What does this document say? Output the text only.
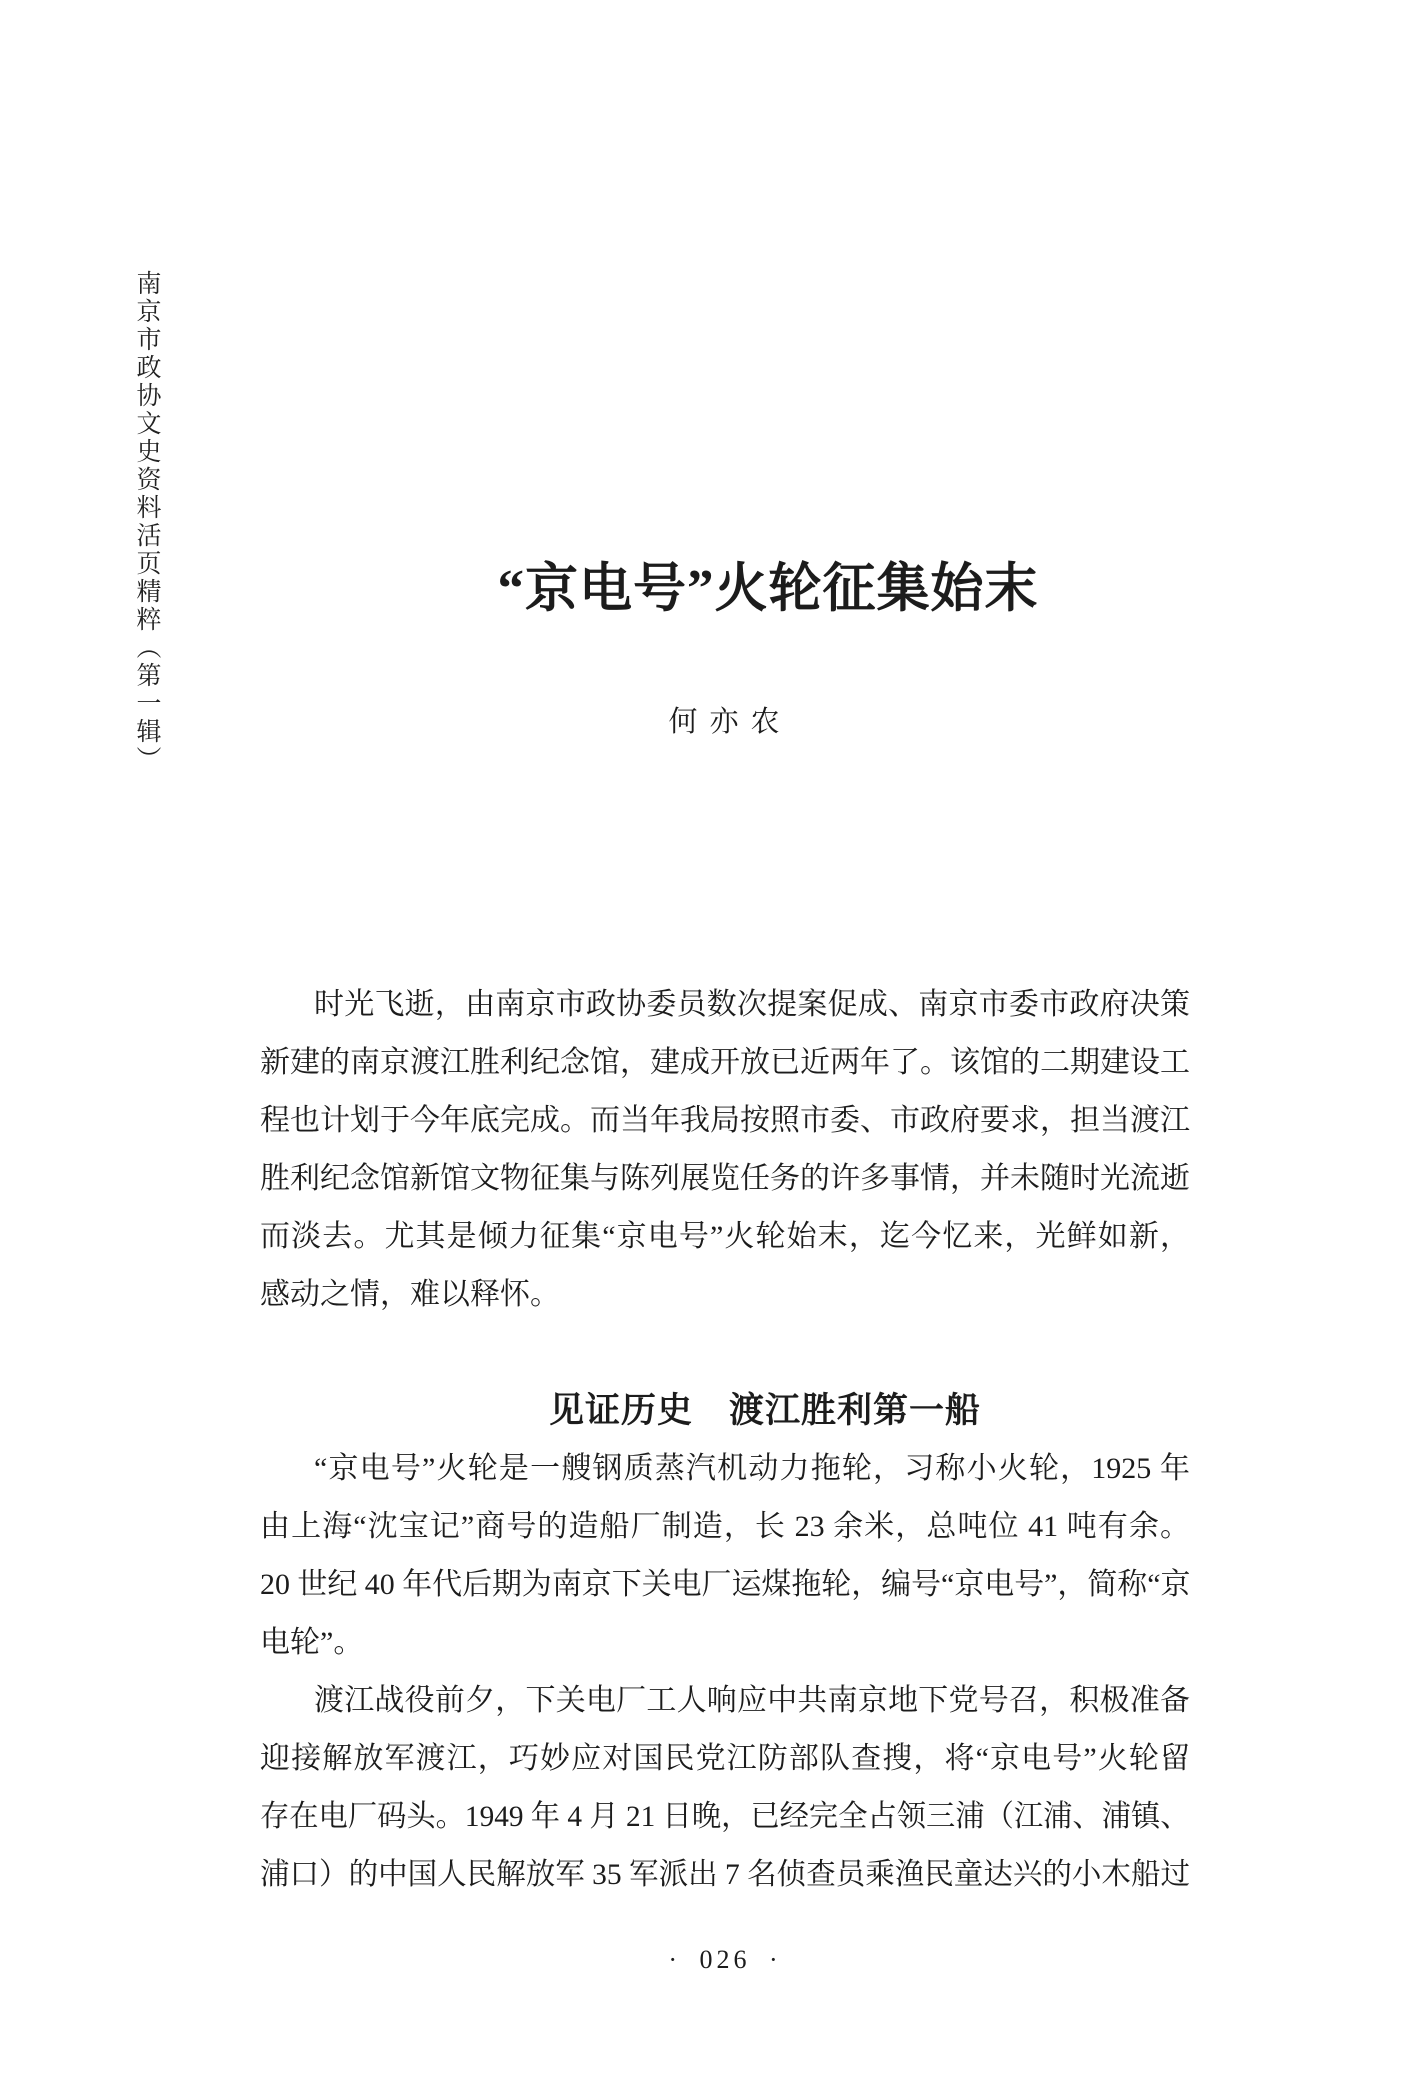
南京市政协文史资料活页精粹（第一辑）	“京电号”火轮征集始末
何亦农
时光飞逝，由南京市政协委员数次提案促成、南京市委市政府决策
新建的南京渡江胜利纪念馆，建成开放已近两年了。该馆的二期建设工
程也计划于今年底完成。而当年我局按照市委、市政府要求，担当渡江
胜利纪念馆新馆文物征集与陈列展览任务的许多事情，并未随时光流逝
而淡去。尤其是倾力征集“京电号”火轮始末，迄今忆来，光鲜如新，
感动之情，难以释怀。
见证历史　渡江胜利第一船
“京电号”火轮是一艘钢质蒸汽机动力拖轮，习称小火轮，1925 年
由上海“沈宝记”商号的造船厂制造，长 23 余米，总吨位 41 吨有余。
20 世纪 40 年代后期为南京下关电厂运煤拖轮，编号“京电号”，简称“京
电轮”。
渡江战役前夕，下关电厂工人响应中共南京地下党号召，积极准备
迎接解放军渡江，巧妙应对国民党江防部队查搜，将“京电号”火轮留
存在电厂码头。1949 年 4 月 21 日晚，已经完全占领三浦（江浦、浦镇、
浦口）的中国人民解放军 35 军派出 7 名侦查员乘渔民童达兴的小木船过
· 026 ·
